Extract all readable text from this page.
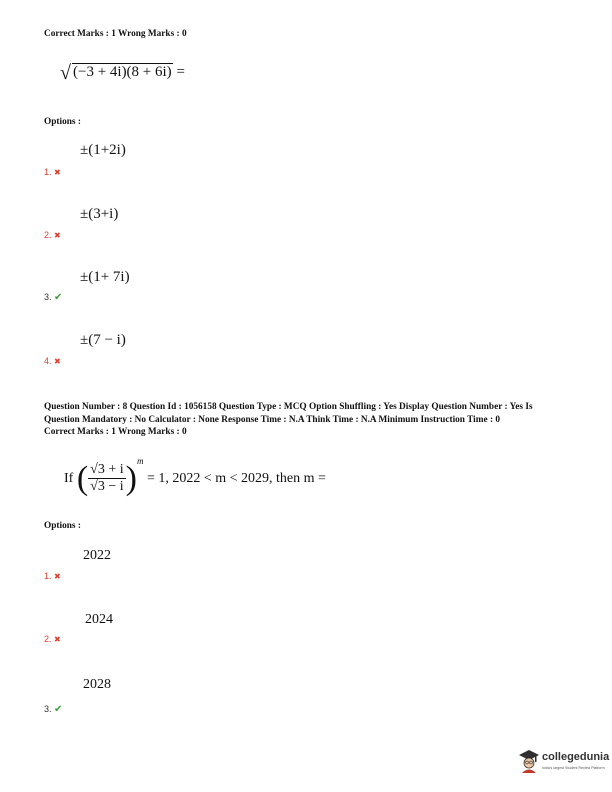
Correct Marks : 1 Wrong Marks : 0
√ (−3 + 4i)(8 + 6i) =
Options :
±(1+2i)
1. ✖
±(3+i)
2. ✖
±(1+ 7i)
3. ✔
±(7 − i)
4. ✖
Question Number : 8 Question Id : 1056158 Question Type : MCQ Option Shuffling : Yes Display Question Number : Yes Is
Question Mandatory : No Calculator : None Response Time : N.A Think Time : N.A Minimum Instruction Time : 0
Correct Marks : 1 Wrong Marks : 0
If ( $\frac{√3 + i}{√3 - i} )^m = 1$, 2022 < m < 2029, then m =
Options :
2022
1. ✖
2024
2. ✖
2028
3. ✔
collegedunia
India's largest Student Review Platform
